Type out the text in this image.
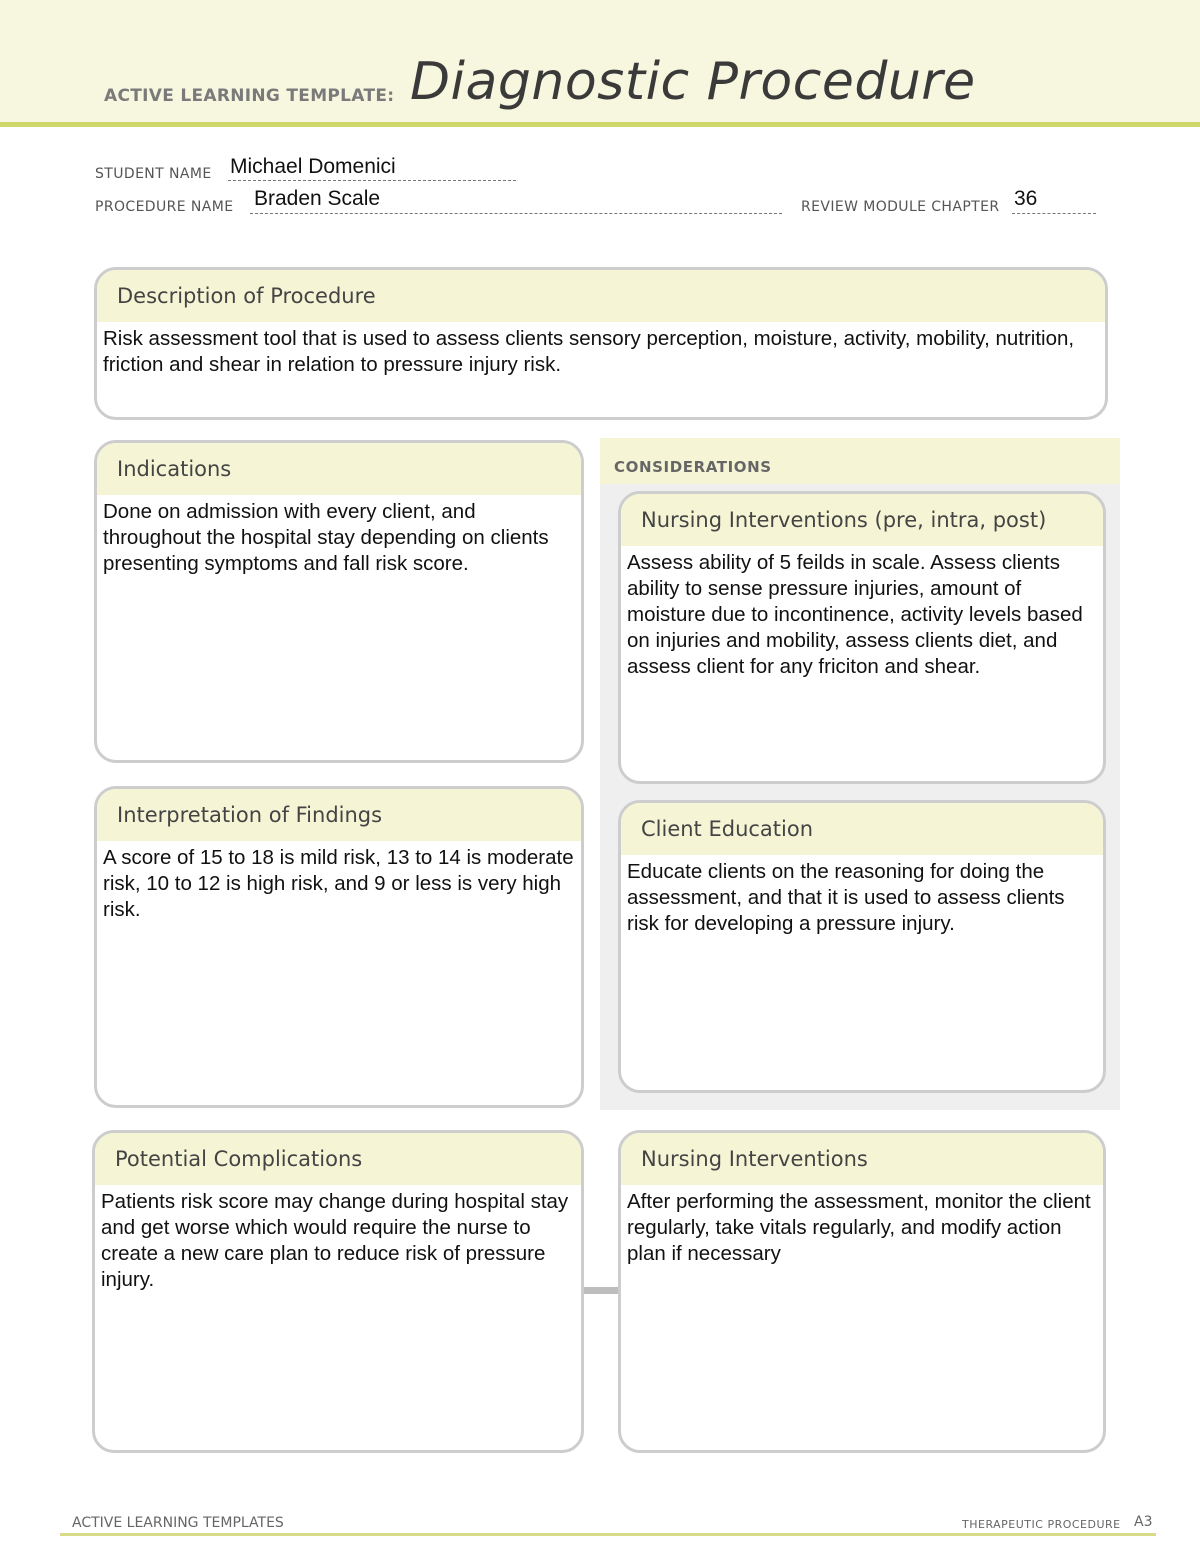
ACTIVE LEARNING TEMPLATE: Diagnostic Procedure
STUDENT NAME Michael Domenici
PROCEDURE NAME Braden Scale	REVIEW MODULE CHAPTER 36
Description of Procedure
Risk assessment tool that is used to assess clients sensory perception, moisture, activity, mobility, nutrition, friction and shear in relation to pressure injury risk.
CONSIDERATIONS
Indications
Done on admission with every client, and throughout the hospital stay depending on clients presenting symptoms and fall risk score.
Nursing Interventions (pre, intra, post)
Assess ability of 5 feilds in scale. Assess clients ability to sense pressure injuries, amount of moisture due to incontinence, activity levels based on injuries and mobility, assess clients diet, and assess client for any friciton and shear.
Interpretation of Findings
A score of 15 to 18 is mild risk, 13 to 14 is moderate risk, 10 to 12 is high risk, and 9 or less is very high risk.
Client Education
Educate clients on the reasoning for doing the assessment, and that it is used to assess clients risk for developing a pressure injury.
Potential Complications
Patients risk score may change during hospital stay and get worse which would require the nurse to create a new care plan to reduce risk of pressure injury.
Nursing Interventions
After performing the assessment, monitor the client regularly, take vitals regularly, and modify action plan if necessary
ACTIVE LEARNING TEMPLATES	THERAPEUTIC PROCEDURE A3
